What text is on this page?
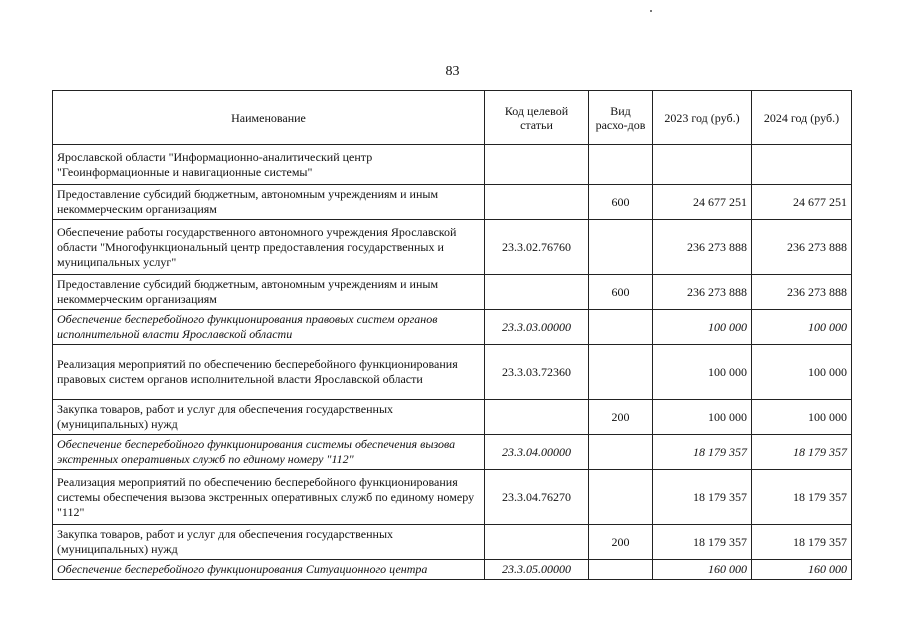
83
Наименование	Код целевой статьи	Вид расхо-дов	2023 год (руб.)	2024 год (руб.)
Ярославской области "Информационно-аналитический центр "Геоинформационные и навигационные системы"				
Предоставление субсидий бюджетным, автономным учреждениям и иным некоммерческим организациям		600	24 677 251	24 677 251
Обеспечение работы государственного автономного учреждения Ярославской области "Многофункциональный центр предоставления государственных и муниципальных услуг"	23.3.02.76760		236 273 888	236 273 888
Предоставление субсидий бюджетным, автономным учреждениям и иным некоммерческим организациям		600	236 273 888	236 273 888
Обеспечение бесперебойного функционирования правовых систем органов исполнительной власти Ярославской области	23.3.03.00000		100 000	100 000
Реализация мероприятий по обеспечению бесперебойного функционирования правовых систем органов исполнительной власти Ярославской области	23.3.03.72360		100 000	100 000
Закупка товаров, работ и услуг для обеспечения государственных (муниципальных) нужд		200	100 000	100 000
Обеспечение бесперебойного функционирования системы обеспечения вызова экстренных оперативных служб по единому номеру "112"	23.3.04.00000		18 179 357	18 179 357
Реализация мероприятий по обеспечению бесперебойного функционирования системы обеспечения вызова экстренных оперативных служб по единому номеру "112"	23.3.04.76270		18 179 357	18 179 357
Закупка товаров, работ и услуг для обеспечения государственных (муниципальных) нужд		200	18 179 357	18 179 357
Обеспечение бесперебойного функционирования Ситуационного центра	23.3.05.00000		160 000	160 000
